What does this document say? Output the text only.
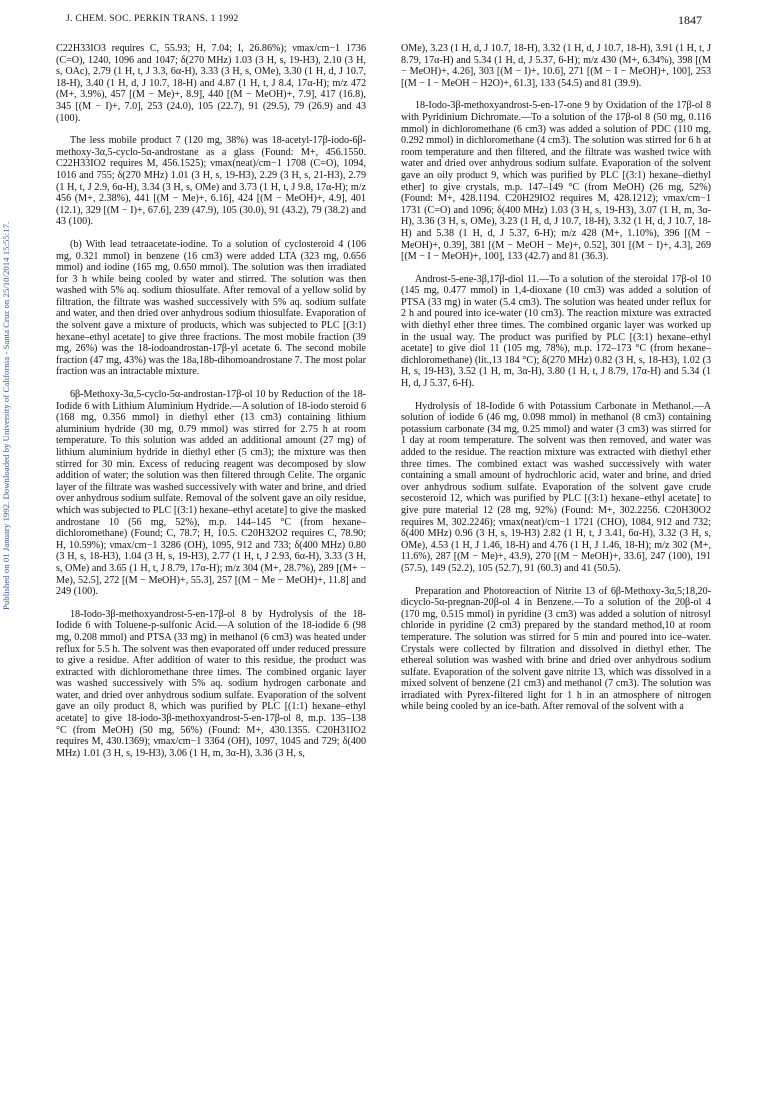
J. CHEM. SOC. PERKIN TRANS. 1 1992	1847
Published on 01 January 1992. Downloaded by University of California - Santa Cruz on 25/10/2014 15:55:17.

C22H33IO3 requires C, 55.93; H, 7.04; I, 26.86%); νmax/cm−1 1736 (C=O), 1240, 1096 and 1047; δ(270 MHz) 1.03 (3 H, s, 19-H3), 2.10 (3 H, s, OAc), 2.79 (1 H, t, J 3.3, 6α-H), 3.33 (3 H, s, OMe), 3.30 (1 H, d, J 10.7, 18-H), 3.40 (1 H, d, J 10.7, 18-H) and 4.87 (1 H, t, J 8.4, 17α-H); m/z 472 (M+, 3.9%), 457 [(M − Me)+, 8.9], 440 [(M − MeOH)+, 7.9], 417 (16.8), 345 [(M − I)+, 7.0], 253 (24.0), 105 (22.7), 91 (29.5), 79 (26.9) and 43 (100).

The less mobile product 7 (120 mg, 38%) was 18-acetyl-17β-iodo-6β-methoxy-3α,5-cyclo-5α-androstane as a glass (Found: M+, 456.1550. C22H33IO2 requires M, 456.1525); νmax(neat)/cm−1 1708 (C=O), 1094, 1016 and 755; δ(270 MHz) 1.01 (3 H, s, 19-H3), 2.29 (3 H, s, 21-H3), 2.79 (1 H, t, J 2.9, 6α-H), 3.34 (3 H, s, OMe) and 3.73 (1 H, t, J 9.8, 17α-H); m/z 456 (M+, 2.38%), 441 [(M − Me)+, 6.16], 424 [(M − MeOH)+, 4.9], 401 (12.1), 329 [(M − I)+, 67.6], 239 (47.9), 105 (30.0), 91 (43.2), 79 (38.2) and 43 (100).

(b) With lead tetraacetate-iodine. To a solution of cyclosteroid 4 (106 mg, 0.321 mmol) in benzene (16 cm3) were added LTA (323 mg, 0.656 mmol) and iodine (165 mg, 0.650 mmol). The solution was then irradiated for 3 h while being cooled by water and stirred. The solution was then washed with 5% aq. sodium thiosulfate. After removal of a yellow solid by filtration, the filtrate was washed successively with 5% aq. sodium sulfate and water, and then dried over anhydrous sodium thiosulfate. Evaporation of the solvent gave a mixture of products, which was subjected to PLC [(3:1) hexane–ethyl acetate] to give three fractions. The most mobile fraction (39 mg, 26%) was the 18-iodoandrostan-17β-yl acetate 6. The second mobile fraction (47 mg, 43%) was the 18a,18b-dihomoandrostane 7. The most polar fraction was an intractable mixture.

6β-Methoxy-3α,5-cyclo-5α-androstan-17β-ol 10 by Reduction of the 18-Iodide 6 with Lithium Aluminium Hydride.—A solution of 18-iodo steroid 6 (168 mg, 0.356 mmol) in diethyl ether (13 cm3) containing lithium aluminium hydride (30 mg, 0.79 mmol) was stirred for 2.75 h at room temperature. To this solution was added an additional amount (27 mg) of lithium aluminium hydride in diethyl ether (5 cm3); the mixture was then stirred for 30 min. Excess of reducing reagent was decomposed by slow addition of water; the solution was then filtered through Celite. The organic layer of the filtrate was washed successively with water and brine, and dried over anhydrous sodium sulfate. Removal of the solvent gave an oily residue, which was subjected to PLC [(3:1) hexane–ethyl acetate] to give the masked androstane 10 (56 mg, 52%), m.p. 144–145 °C (from hexane–dichloromethane) (Found; C, 78.7; H, 10.5. C20H32O2 requires C, 78.90; H, 10.59%); νmax/cm−1 3286 (OH), 1095, 912 and 733; δ(400 MHz) 0.80 (3 H, s, 18-H3), 1.04 (3 H, s, 19-H3), 2.77 (1 H, t, J 2.93, 6α-H), 3.33 (3 H, s, OMe) and 3.65 (1 H, t, J 8.79, 17α-H); m/z 304 (M+, 28.7%), 289 [(M+ − Me), 52.5], 272 [(M − MeOH)+, 55.3], 257 [(M − Me − MeOH)+, 11.8] and 249 (100).

18-Iodo-3β-methoxyandrost-5-en-17β-ol 8 by Hydrolysis of the 18-Iodide 6 with Toluene-p-sulfonic Acid.—A solution of the 18-iodide 6 (98 mg, 0.208 mmol) and PTSA (33 mg) in methanol (6 cm3) was heated under reflux for 5.5 h. The solvent was then evaporated off under reduced pressure to give a residue. After addition of water to this residue, the product was extracted with dichloromethane three times. The combined organic layer was washed successively with 5% aq. sodium hydrogen carbonate and water, and dried over anhydrous sodium sulfate. Evaporation of the solvent gave an oily product 8, which was purified by PLC [(1:1) hexane–ethyl acetate] to give 18-iodo-3β-methoxyandrost-5-en-17β-ol 8, m.p. 135–138 °C (from MeOH) (50 mg, 56%) (Found: M+, 430.1355. C20H31IO2 requires M, 430.1369); νmax/cm−1 3364 (OH), 1097, 1045 and 729; δ(400 MHz) 1.01 (3 H, s, 19-H3), 3.06 (1 H, m, 3α-H), 3.36 (3 H, s,

OMe), 3.23 (1 H, d, J 10.7, 18-H), 3.32 (1 H, d, J 10.7, 18-H), 3.91 (1 H, t, J 8.79, 17α-H) and 5.34 (1 H, d, J 5.37, 6-H); m/z 430 (M+, 6.34%), 398 [(M − MeOH)+, 4.26], 303 [(M − I)+, 10.6], 271 [(M − I − MeOH)+, 100], 253 [(M − I − MeOH − H2O)+, 61.3], 133 (54.5) and 81 (39.9).

18-Iodo-3β-methoxyandrost-5-en-17-one 9 by Oxidation of the 17β-ol 8 with Pyridinium Dichromate.—To a solution of the 17β-ol 8 (50 mg, 0.116 mmol) in dichloromethane (6 cm3) was added a solution of PDC (110 mg, 0.292 mmol) in dichloromethane (4 cm3). The solution was stirred for 6 h at room temperature and then filtered, and the filtrate was washed twice with water and dried over anhydrous sodium sulfate. Evaporation of the solvent gave an oily product 9, which was purified by PLC [(3:1) hexane–diethyl ether] to give crystals, m.p. 147–149 °C (from MeOH) (26 mg, 52%) (Found: M+, 428.1194. C20H29IO2 requires M, 428.1212); νmax/cm−1 1731 (C=O) and 1096; δ(400 MHz) 1.03 (3 H, s, 19-H3), 3.07 (1 H, m, 3α-H), 3.36 (3 H, s, OMe), 3.23 (1 H, d, J 10.7, 18-H), 3.32 (1 H, d, J 10.7, 18-H) and 5.38 (1 H, d, J 5.37, 6-H); m/z 428 (M+, 1.10%), 396 [(M − MeOH)+, 0.39], 381 [(M − MeOH − Me)+, 0.52], 301 [(M − I)+, 4.3], 269 [(M − I − MeOH)+, 100], 133 (42.7) and 81 (36.3).

Androst-5-ene-3β,17β-diol 11.—To a solution of the steroidal 17β-ol 10 (145 mg, 0.477 mmol) in 1,4-dioxane (10 cm3) was added a solution of PTSA (33 mg) in water (5.4 cm3). The solution was heated under reflux for 2 h and poured into ice-water (10 cm3). The reaction mixture was extracted with diethyl ether three times. The combined organic layer was worked up in the usual way. The product was purified by PLC [(3:1) hexane–ethyl acetate] to give diol 11 (105 mg, 78%), m.p. 172–173 °C (from hexane–dichloromethane) (lit.,13 184 °C); δ(270 MHz) 0.82 (3 H, s, 18-H3), 1.02 (3 H, s, 19-H3), 3.52 (1 H, m, 3α-H), 3.80 (1 H, t, J 8.79, 17α-H) and 5.34 (1 H, d, J 5.37, 6-H).

Hydrolysis of 18-Iodide 6 with Potassium Carbonate in Methanol.—A solution of iodide 6 (46 mg, 0.098 mmol) in methanol (8 cm3) containing potassium carbonate (34 mg, 0.25 mmol) and water (3 cm3) was stirred for 1 day at room temperature. The solvent was then removed, and water was added to the residue. The reaction mixture was extracted with diethyl ether three times. The combined extact was washed successively with water containing a small amount of hydrochloric acid, water and brine, and dried over anhydrous sodium sulfate. Evaporation of the solvent gave crude secosteroid 12, which was purified by PLC [(3:1) hexane–ethyl acetate] to give pure material 12 (28 mg, 92%) (Found: M+, 302.2256. C20H30O2 requires M, 302.2246); νmax(neat)/cm−1 1721 (CHO), 1084, 912 and 732; δ(400 MHz) 0.96 (3 H, s, 19-H3) 2.82 (1 H, t, J 3.41, 6α-H), 3.32 (3 H, s, OMe), 4.53 (1 H, J 1.46, 18-H) and 4.76 (1 H, J 1.46, 18-H); m/z 302 (M+, 11.6%), 287 [(M − Me)+, 43.9), 270 [(M − MeOH)+, 33.6], 247 (100), 191 (57.5), 149 (52.2), 105 (52.7), 91 (60.3) and 41 (50.5).

Preparation and Photoreaction of Nitrite 13 of 6β-Methoxy-3α,5;18,20-dicyclo-5α-pregnan-20β-ol 4 in Benzene.—To a solution of the 20β-ol 4 (170 mg, 0.515 mmol) in pyridine (3 cm3) was added a solution of nitrosyl chloride in pyridine (2 cm3) prepared by the standard method,10 at room temperature. The solution was stirred for 5 min and poured into ice–water. Crystals were collected by filtration and dissolved in diethyl ether. The ethereal solution was washed with brine and dried over anhydrous sodium sulfate. Evaporation of the solvent gave nitrite 13, which was dissolved in a mixed solvent of benzene (21 cm3) and methanol (7 cm3). The solution was irradiated with Pyrex-filtered light for 1 h in an atmosphere of nitrogen while being cooled by an ice-bath. After removal of the solvent with a
